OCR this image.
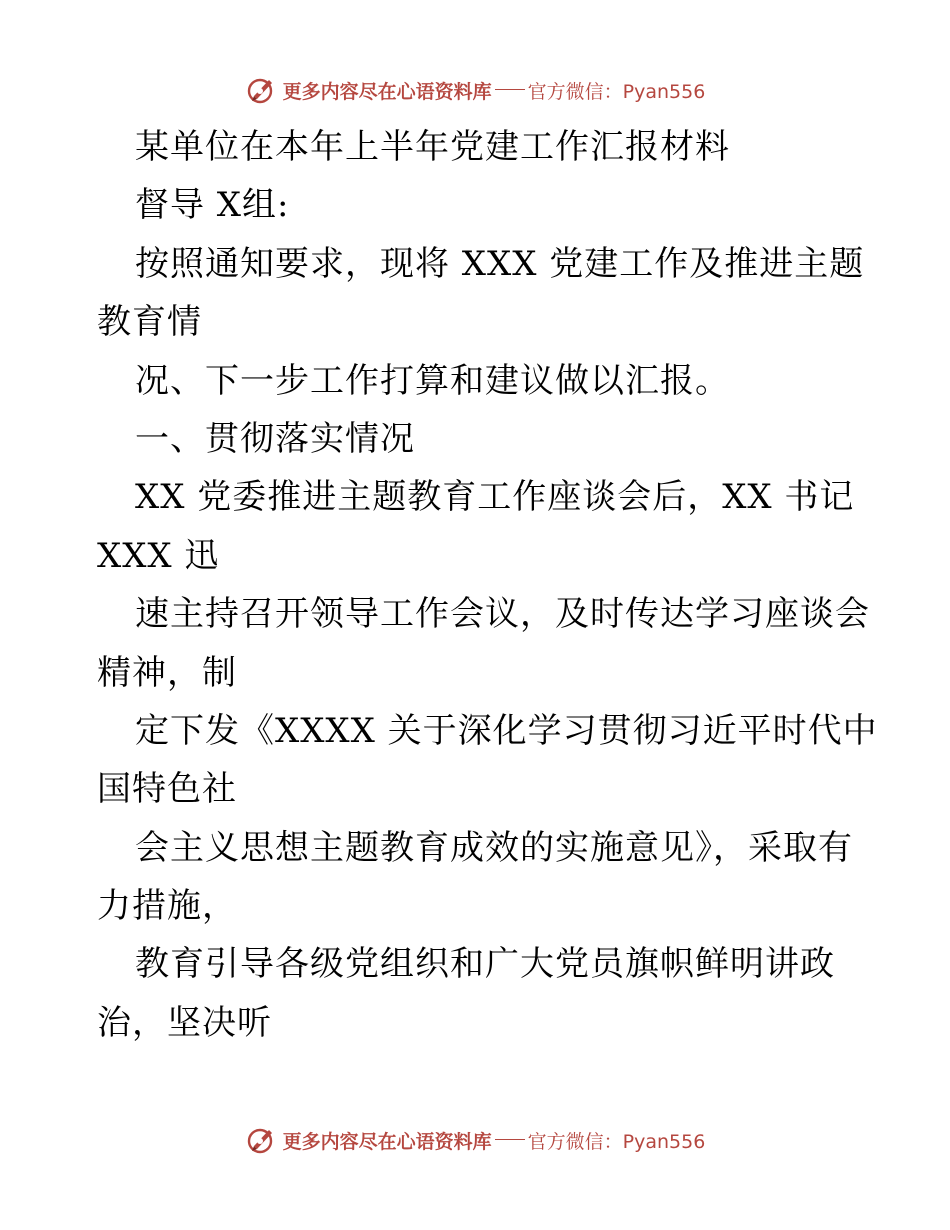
更多内容尽在心语资料库 官方微信：Pyan556
某单位在本年上半年党建工作汇报材料
督导 X组:
按照通知要求，现将 XXX 党建工作及推进主题
教育情
况、下一步工作打算和建议做以汇报。
一、贯彻落实情况
XX 党委推进主题教育工作座谈会后，XX 书记
XXX 迅
速主持召开领导工作会议，及时传达学习座谈会
精神，制
定下发《XXXX 关于深化学习贯彻习近平时代中
国特色社
会主义思想主题教育成效的实施意见》，采取有
力措施，
教育引导各级党组织和广大党员旗帜鲜明讲政
治，坚决听
更多内容尽在心语资料库 官方微信：Pyan556
